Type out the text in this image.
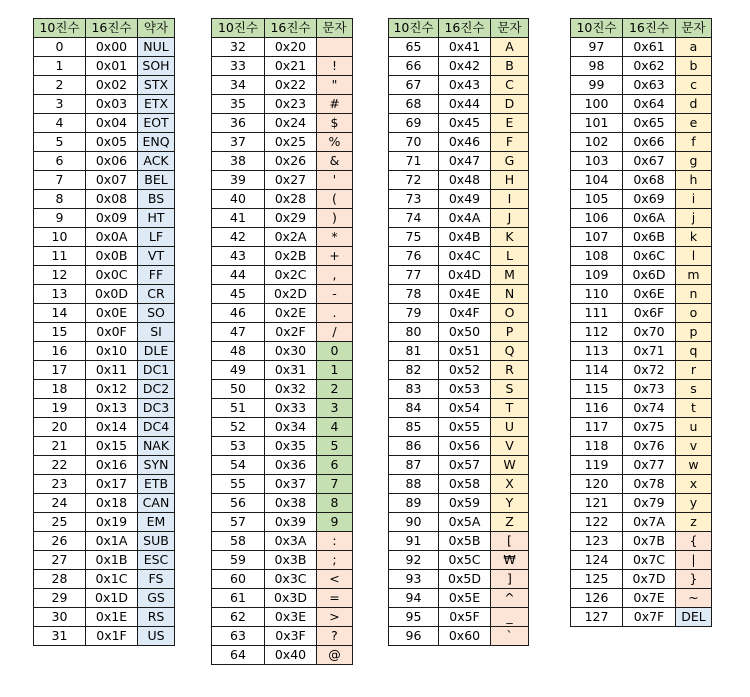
10진수	16진수	약자
0	0x00	NUL
1	0x01	SOH
2	0x02	STX
3	0x03	ETX
4	0x04	EOT
5	0x05	ENQ
6	0x06	ACK
7	0x07	BEL
8	0x08	BS
9	0x09	HT
10	0x0A	LF
11	0x0B	VT
12	0x0C	FF
13	0x0D	CR
14	0x0E	SO
15	0x0F	SI
16	0x10	DLE
17	0x11	DC1
18	0x12	DC2
19	0x13	DC3
20	0x14	DC4
21	0x15	NAK
22	0x16	SYN
23	0x17	ETB
24	0x18	CAN
25	0x19	EM
26	0x1A	SUB
27	0x1B	ESC
28	0x1C	FS
29	0x1D	GS
30	0x1E	RS
31	0x1F	US
10진수	16진수	문자
32	0x20	
33	0x21	!
34	0x22	"
35	0x23	#
36	0x24	$
37	0x25	%
38	0x26	&
39	0x27	'
40	0x28	(
41	0x29	)
42	0x2A	*
43	0x2B	+
44	0x2C	,
45	0x2D	-
46	0x2E	.
47	0x2F	/
48	0x30	0
49	0x31	1
50	0x32	2
51	0x33	3
52	0x34	4
53	0x35	5
54	0x36	6
55	0x37	7
56	0x38	8
57	0x39	9
58	0x3A	:
59	0x3B	;
60	0x3C	<
61	0x3D	=
62	0x3E	>
63	0x3F	?
64	0x40	@
10진수	16진수	문자
65	0x41	A
66	0x42	B
67	0x43	C
68	0x44	D
69	0x45	E
70	0x46	F
71	0x47	G
72	0x48	H
73	0x49	I
74	0x4A	J
75	0x4B	K
76	0x4C	L
77	0x4D	M
78	0x4E	N
79	0x4F	O
80	0x50	P
81	0x51	Q
82	0x52	R
83	0x53	S
84	0x54	T
85	0x55	U
86	0x56	V
87	0x57	W
88	0x58	X
89	0x59	Y
90	0x5A	Z
91	0x5B	[
92	0x5C	₩
93	0x5D	]
94	0x5E	^
95	0x5F	_
96	0x60	`
10진수	16진수	문자
97	0x61	a
98	0x62	b
99	0x63	c
100	0x64	d
101	0x65	e
102	0x66	f
103	0x67	g
104	0x68	h
105	0x69	i
106	0x6A	j
107	0x6B	k
108	0x6C	l
109	0x6D	m
110	0x6E	n
111	0x6F	o
112	0x70	p
113	0x71	q
114	0x72	r
115	0x73	s
116	0x74	t
117	0x75	u
118	0x76	v
119	0x77	w
120	0x78	x
121	0x79	y
122	0x7A	z
123	0x7B	{
124	0x7C	|
125	0x7D	}
126	0x7E	~
127	0x7F	DEL
